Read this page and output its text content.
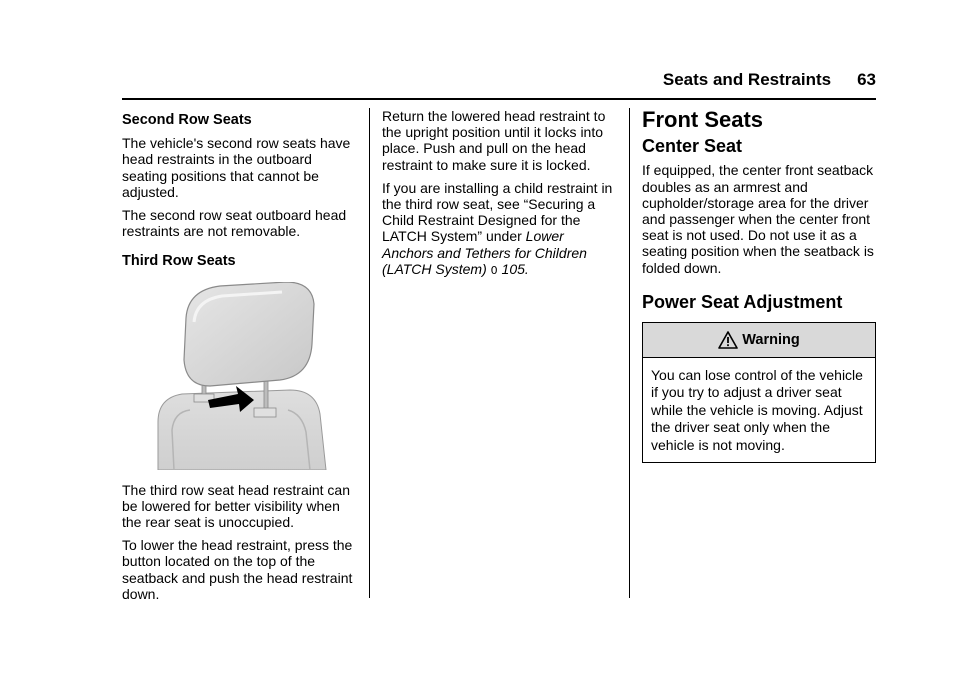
Seats and Restraints 63
Second Row Seats

The vehicle's second row seats have head restraints in the outboard seating positions that cannot be adjusted.

The second row seat outboard head restraints are not removable.

Third Row Seats

The third row seat head restraint can be lowered for better visibility when the rear seat is unoccupied.

To lower the head restraint, press the button located on the top of the seatback and push the head restraint down.

Return the lowered head restraint to the upright position until it locks into place. Push and pull on the head restraint to make sure it is locked.

If you are installing a child restraint in the third row seat, see “Securing a Child Restraint Designed for the LATCH System” under Lower Anchors and Tethers for Children (LATCH System) 0 105.

Front Seats
Center Seat

If equipped, the center front seatback doubles as an armrest and cupholder/storage area for the driver and passenger when the center front seat is not used. Do not use it as a seating position when the seatback is folded down.

Power Seat Adjustment
Warning
You can lose control of the vehicle if you try to adjust a driver seat while the vehicle is moving. Adjust the driver seat only when the vehicle is not moving.
